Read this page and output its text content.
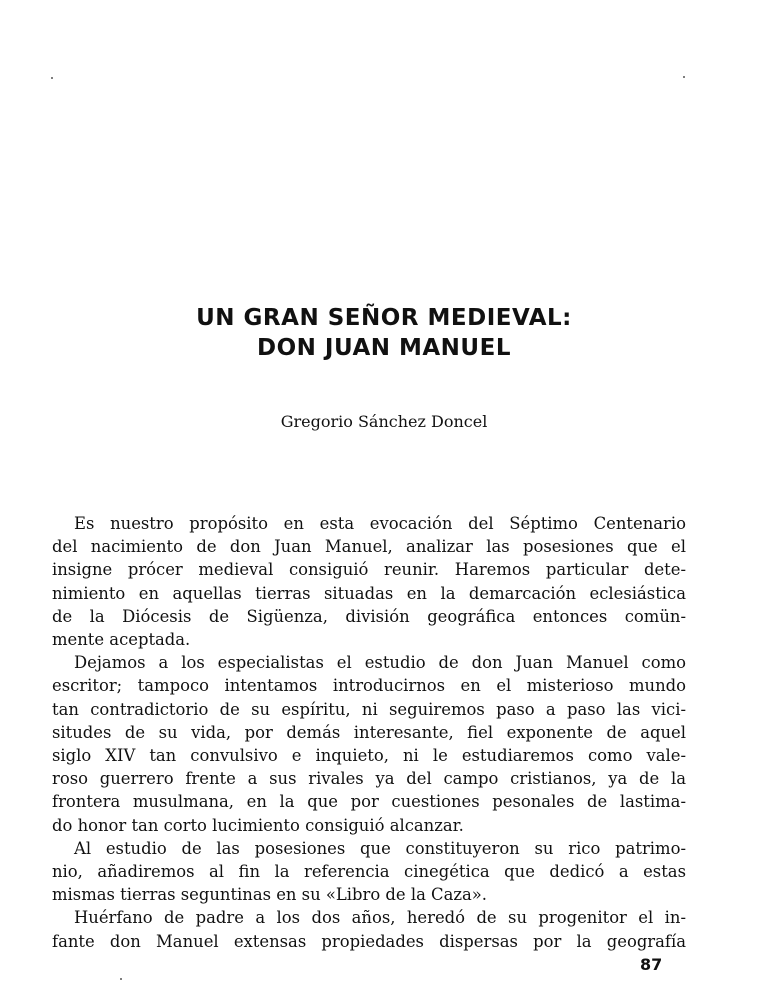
UN GRAN SEÑOR MEDIEVAL:
DON JUAN MANUEL
Gregorio Sánchez Doncel
Es nuestro propósito en esta evocación del Séptimo Centenario
del nacimiento de don Juan Manuel, analizar las posesiones que el
insigne prócer medieval consiguió reunir. Haremos particular dete-
nimiento en aquellas tierras situadas en la demarcación eclesiástica
de la Diócesis de Sigüenza, división geográfica entonces comün-
mente aceptada.
Dejamos a los especialistas el estudio de don Juan Manuel como
escritor; tampoco intentamos introducirnos en el misterioso mundo
tan contradictorio de su espíritu, ni seguiremos paso a paso las vici-
situdes de su vida, por demás interesante, fiel exponente de aquel
siglo XIV tan convulsivo e inquieto, ni le estudiaremos como vale-
roso guerrero frente a sus rivales ya del campo cristianos, ya de la
frontera musulmana, en la que por cuestiones pesonales de lastima-
do honor tan corto lucimiento consiguió alcanzar.
Al estudio de las posesiones que constituyeron su rico patrimo-
nio, añadiremos al fin la referencia cinegética que dedicó a estas
mismas tierras seguntinas en su «Libro de la Caza».
Huérfano de padre a los dos años, heredó de su progenitor el in-
fante don Manuel extensas propiedades dispersas por la geografía
87
